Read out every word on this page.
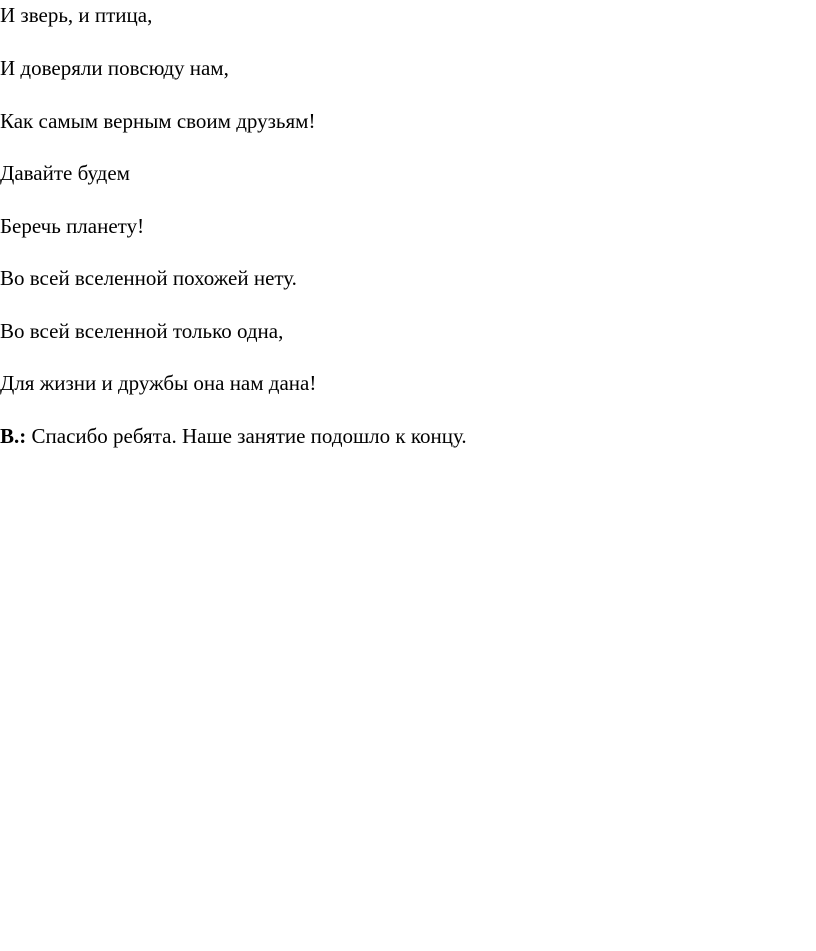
И зверь, и птица,

И доверяли повсюду нам,

Как самым верным своим друзьям!

Давайте будем

Беречь планету!

Во всей вселенной похожей нету.

Во всей вселенной только одна,

Для жизни и дружбы она нам дана!

В.: Спасибо ребята. Наше занятие подошло к концу.
